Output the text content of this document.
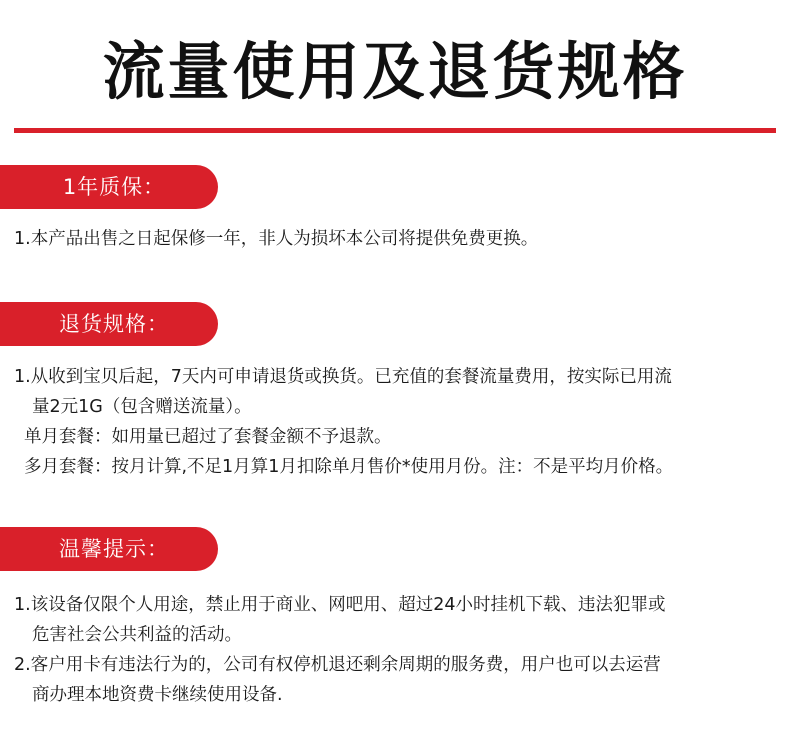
流量使用及退货规格
1年质保：
1.本产品出售之日起保修一年，非人为损坏本公司将提供免费更换。
退货规格：
1.从收到宝贝后起，7天内可申请退货或换货。已充值的套餐流量费用，按实际已用流
量2元1G（包含赠送流量）。
单月套餐：如用量已超过了套餐金额不予退款。
多月套餐：按月计算,不足1月算1月扣除单月售价*使用月份。注：不是平均月价格。
温馨提示：
1.该设备仅限个人用途，禁止用于商业、网吧用、超过24小时挂机下载、违法犯罪或
危害社会公共利益的活动。
2.客户用卡有违法行为的，公司有权停机退还剩余周期的服务费，用户也可以去运营
商办理本地资费卡继续使用设备.
